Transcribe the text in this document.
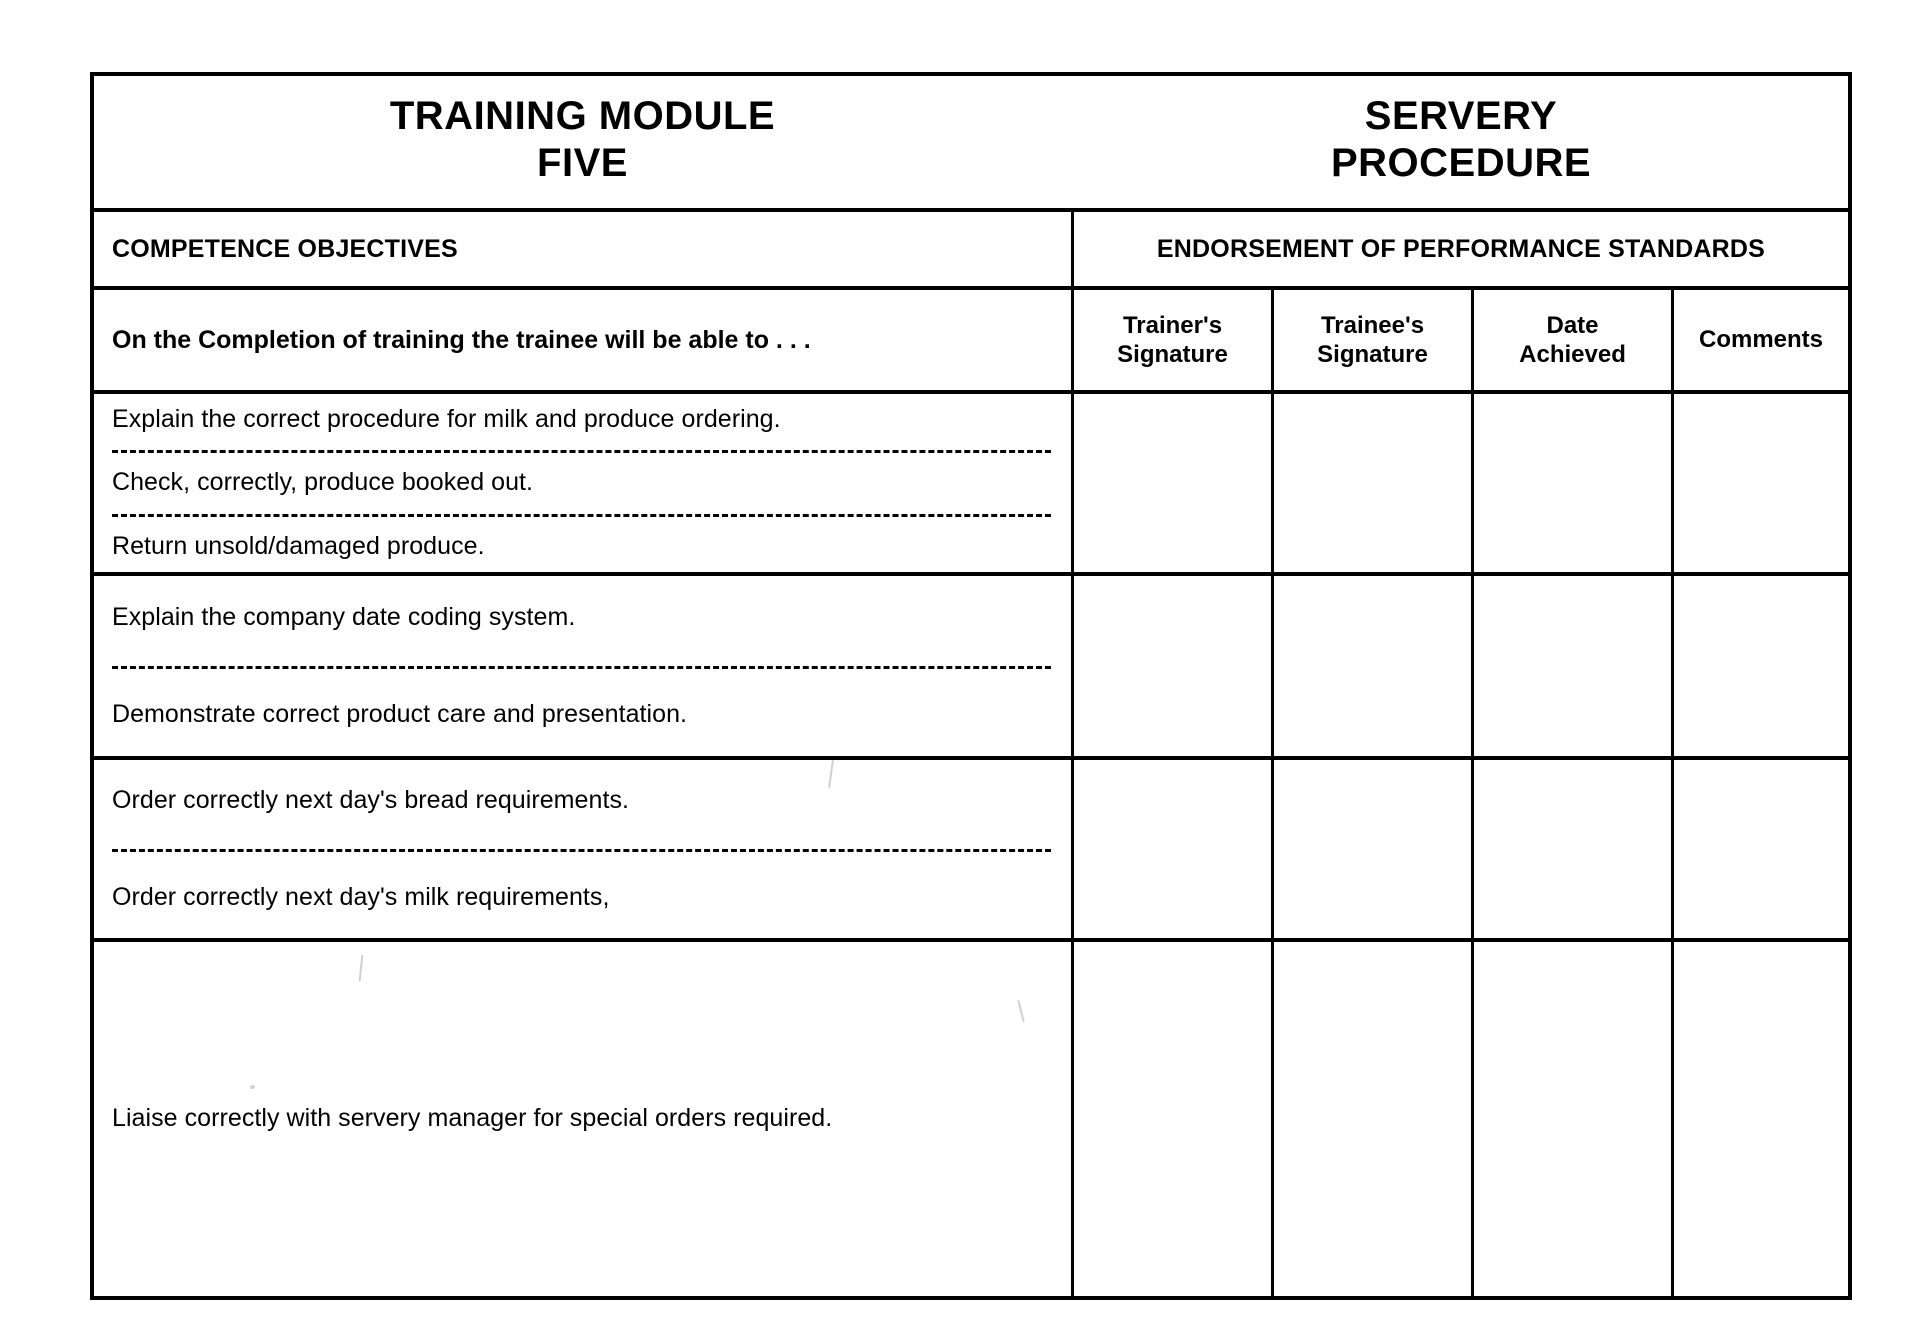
TRAINING MODULE
FIVE
SERVERY
PROCEDURE
COMPETENCE OBJECTIVES	ENDORSEMENT OF PERFORMANCE STANDARDS
On the Completion of training the trainee will be able to . . .
Trainer's
Signature
Trainee's
Signature
Date
Achieved
Comments
Explain the correct procedure for milk and produce ordering.
Check, correctly, produce booked out.
Return unsold/damaged produce.
Explain the company date coding system.
Demonstrate correct product care and presentation.
Order correctly next day's bread requirements.
Order correctly next day's milk requirements,
Liaise correctly with servery manager for special orders required.
